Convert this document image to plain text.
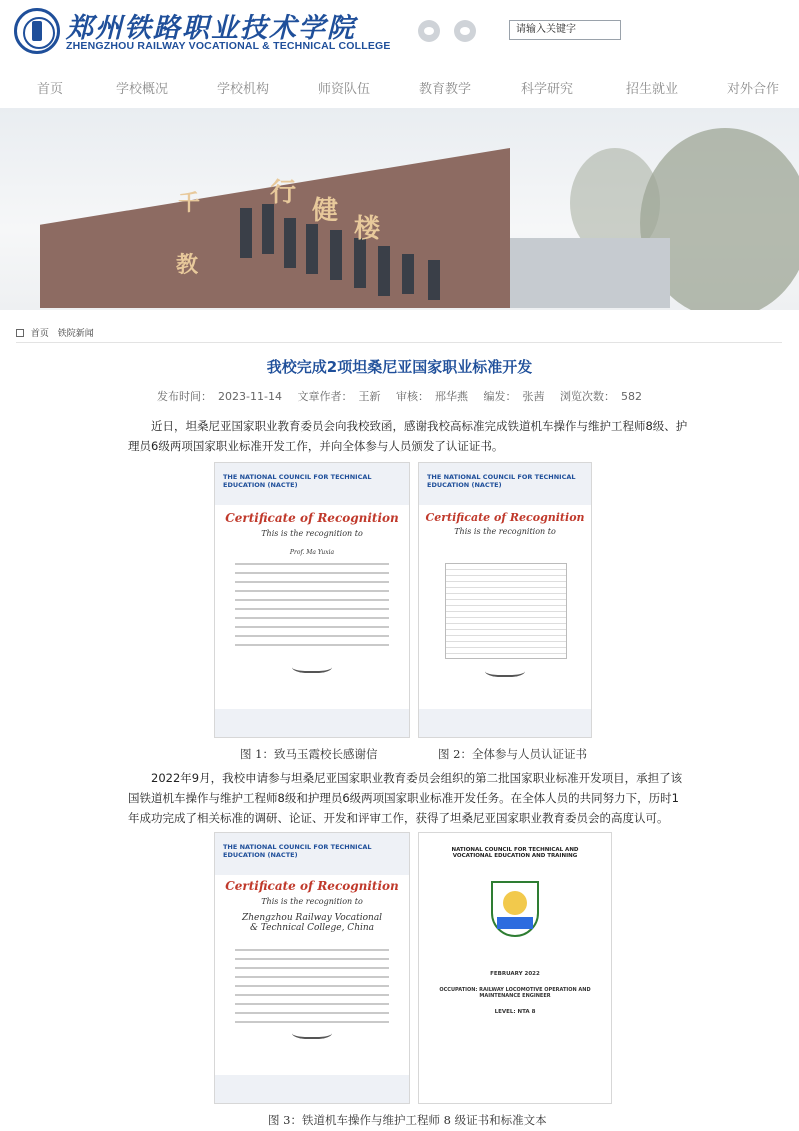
郑州铁路职业技术学院
ZHENGZHOU RAILWAY VOCATIONAL & TECHNICAL COLLEGE
请输入关键字
首页	学校概况	学校机构	师资队伍	教育教学	科学研究	招生就业	对外合作
千
教
行
健
楼
首页 铁院新闻
我校完成2项坦桑尼亚国家职业标准开发
发布时间： 2023-11-14 文章作者： 王新 审核： 邢华燕 编发： 张茜 浏览次数： 582
近日，坦桑尼亚国家职业教育委员会向我校致函，感谢我校高标准完成铁道机车操作与维护工程师8级、护理员6级两项国家职业标准开发工作，并向全体参与人员颁发了认证证书。
THE NATIONAL COUNCIL FOR TECHNICAL EDUCATION (NACTE)
Certificate of Recognition
This is the recognition to
Prof. Ma Yuxia
THE NATIONAL COUNCIL FOR TECHNICAL EDUCATION (NACTE)
Certificate of Recognition
This is the recognition to
图 1：致马玉霞校长感谢信	图 2：全体参与人员认证证书
2022年9月，我校申请参与坦桑尼亚国家职业教育委员会组织的第二批国家职业标准开发项目，承担了该国铁道机车操作与维护工程师8级和护理员6级两项国家职业标准开发任务。在全体人员的共同努力下，历时1年成功完成了相关标准的调研、论证、开发和评审工作，获得了坦桑尼亚国家职业教育委员会的高度认可。
THE NATIONAL COUNCIL FOR TECHNICAL EDUCATION (NACTE)
Certificate of Recognition
This is the recognition to
Zhengzhou Railway Vocational & Technical College, China
NATIONAL COUNCIL FOR TECHNICAL AND VOCATIONAL EDUCATION AND TRAINING
FEBRUARY 2022
OCCUPATION: RAILWAY LOCOMOTIVE OPERATION AND MAINTENANCE ENGINEER
LEVEL: NTA 8
图 3：铁道机车操作与维护工程师 8 级证书和标准文本
